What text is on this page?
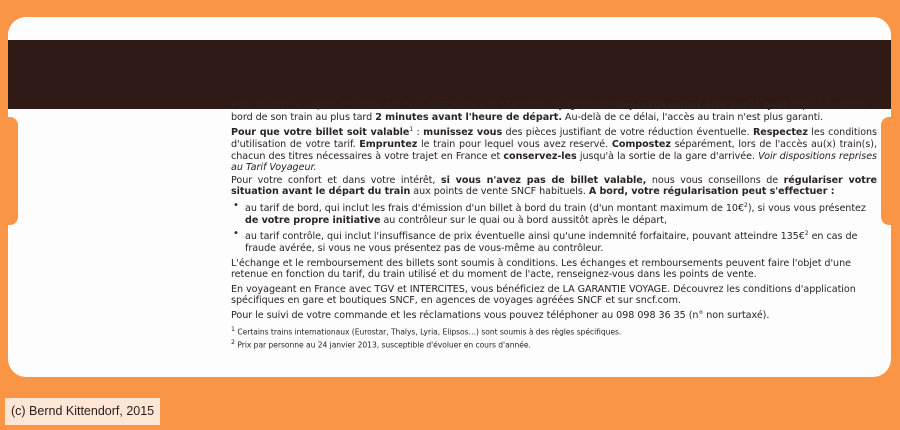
Pour assurer le départ à l'heure des TGV, INTERCITES et TER, tout voyageur doit impérativement être sur le quai et prêt à monter à bord de son train au plus tard 2 minutes avant l'heure de départ. Au-delà de ce délai, l'accès au train n'est plus garanti.

Pour que votre billet soit valable$^1$ : munissez vous des pièces justifiant de votre réduction éventuelle. Respectez les conditions d'utilisation de votre tarif. Empruntez le train pour lequel vous avez reservé. Compostez séparément, lors de l'accès au(x) train(s), chacun des titres nécessaires à votre trajet en France et conservez-les jusqu'à la sortie de la gare d'arrivée. Voir dispositions reprises au Tarif Voyageur.

Pour votre confort et dans votre intérêt, si vous n'avez pas de billet valable, nous vous conseillons de régulariser votre situation avant le départ du train aux points de vente SNCF habituels. A bord, votre régularisation peut s'effectuer :

• au tarif de bord, qui inclut les frais d'émission d'un billet à bord du train (d'un montant maximum de 10€$^2$), si vous vous présentez de votre propre initiative au contrôleur sur le quai ou à bord aussitôt après le départ,
• au tarif contrôle, qui inclut l'insuffisance de prix éventuelle ainsi qu'une indemnité forfaitaire, pouvant atteindre 135€$^2$ en cas de fraude avérée, si vous ne vous présentez pas de vous-même au contrôleur.

L'échange et le remboursement des billets sont soumis à conditions. Les échanges et remboursements peuvent faire l'objet d'une retenue en fonction du tarif, du train utilisé et du moment de l'acte, renseignez-vous dans les points de vente.

En voyageant en France avec TGV et INTERCITES, vous bénéficiez de LA GARANTIE VOYAGE. Découvrez les conditions d'application spécifiques en gare et boutiques SNCF, en agences de voyages agréées SNCF et sur sncf.com.

Pour le suivi de votre commande et les réclamations vous pouvez téléphoner au 098 098 36 35 (n° non surtaxé).

$^1$ Certains trains internationaux (Eurostar, Thalys, Lyria, Elipsos…) sont soumis à des règles spécifiques.

$^2$ Prix par personne au 24 janvier 2013, susceptible d'évoluer en cours d'année.

(c) Bernd Kittendorf, 2015
